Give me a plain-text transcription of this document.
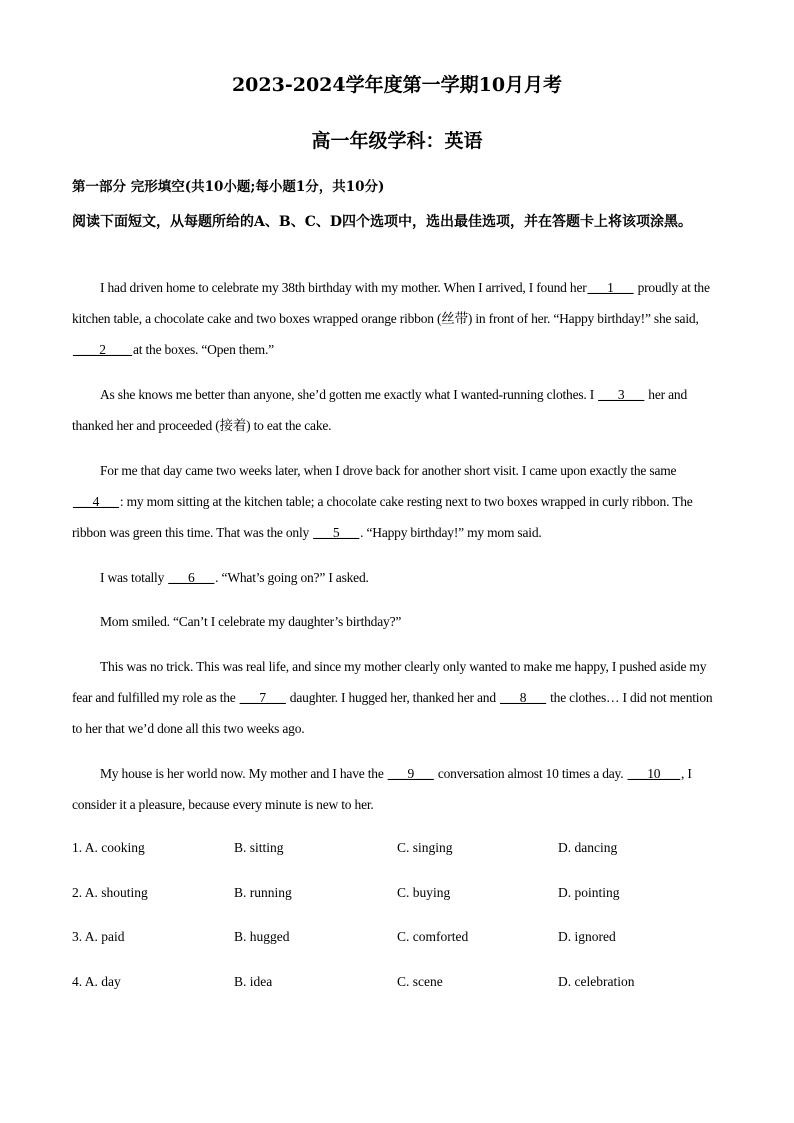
2023-2024学年度第一学期10月月考
高一年级学科：英语
第一部分 完形填空(共10小题;每小题1分，共10分)
阅读下面短文，从每题所给的A、B、C、D四个选项中，选出最佳选项，并在答题卡上将该项涂黑。
I had driven home to celebrate my 38th birthday with my mother. When I arrived, I found her___1___ proudly at the kitchen table, a chocolate cake and two boxes wrapped orange ribbon (丝带) in front of her. “Happy birthday!” she said, ____2____at the boxes. “Open them.”
As she knows me better than anyone, she’d gotten me exactly what I wanted-running clothes. I ___3___ her and thanked her and proceeded (接着) to eat the cake.
For me that day came two weeks later, when I drove back for another short visit. I came upon exactly the same ___4___: my mom sitting at the kitchen table; a chocolate cake resting next to two boxes wrapped in curly ribbon. The ribbon was green this time. That was the only ___5___. “Happy birthday!” my mom said.
I was totally ___6___. “What’s going on?” I asked.
Mom smiled. “Can’t I celebrate my daughter’s birthday?”
This was no trick. This was real life, and since my mother clearly only wanted to make me happy, I pushed aside my fear and fulfilled my role as the ___7___ daughter. I hugged her, thanked her and ___8___ the clothes… I did not mention to her that we’d done all this two weeks ago.
My house is her world now. My mother and I have the ___9___ conversation almost 10 times a day. ___10___, I consider it a pleasure, because every minute is new to her.
1. A. cooking	B. sitting	C. singing	D. dancing
2. A. shouting	B. running	C. buying	D. pointing
3. A. paid	B. hugged	C. comforted	D. ignored
4. A. day	B. idea	C. scene	D. celebration
